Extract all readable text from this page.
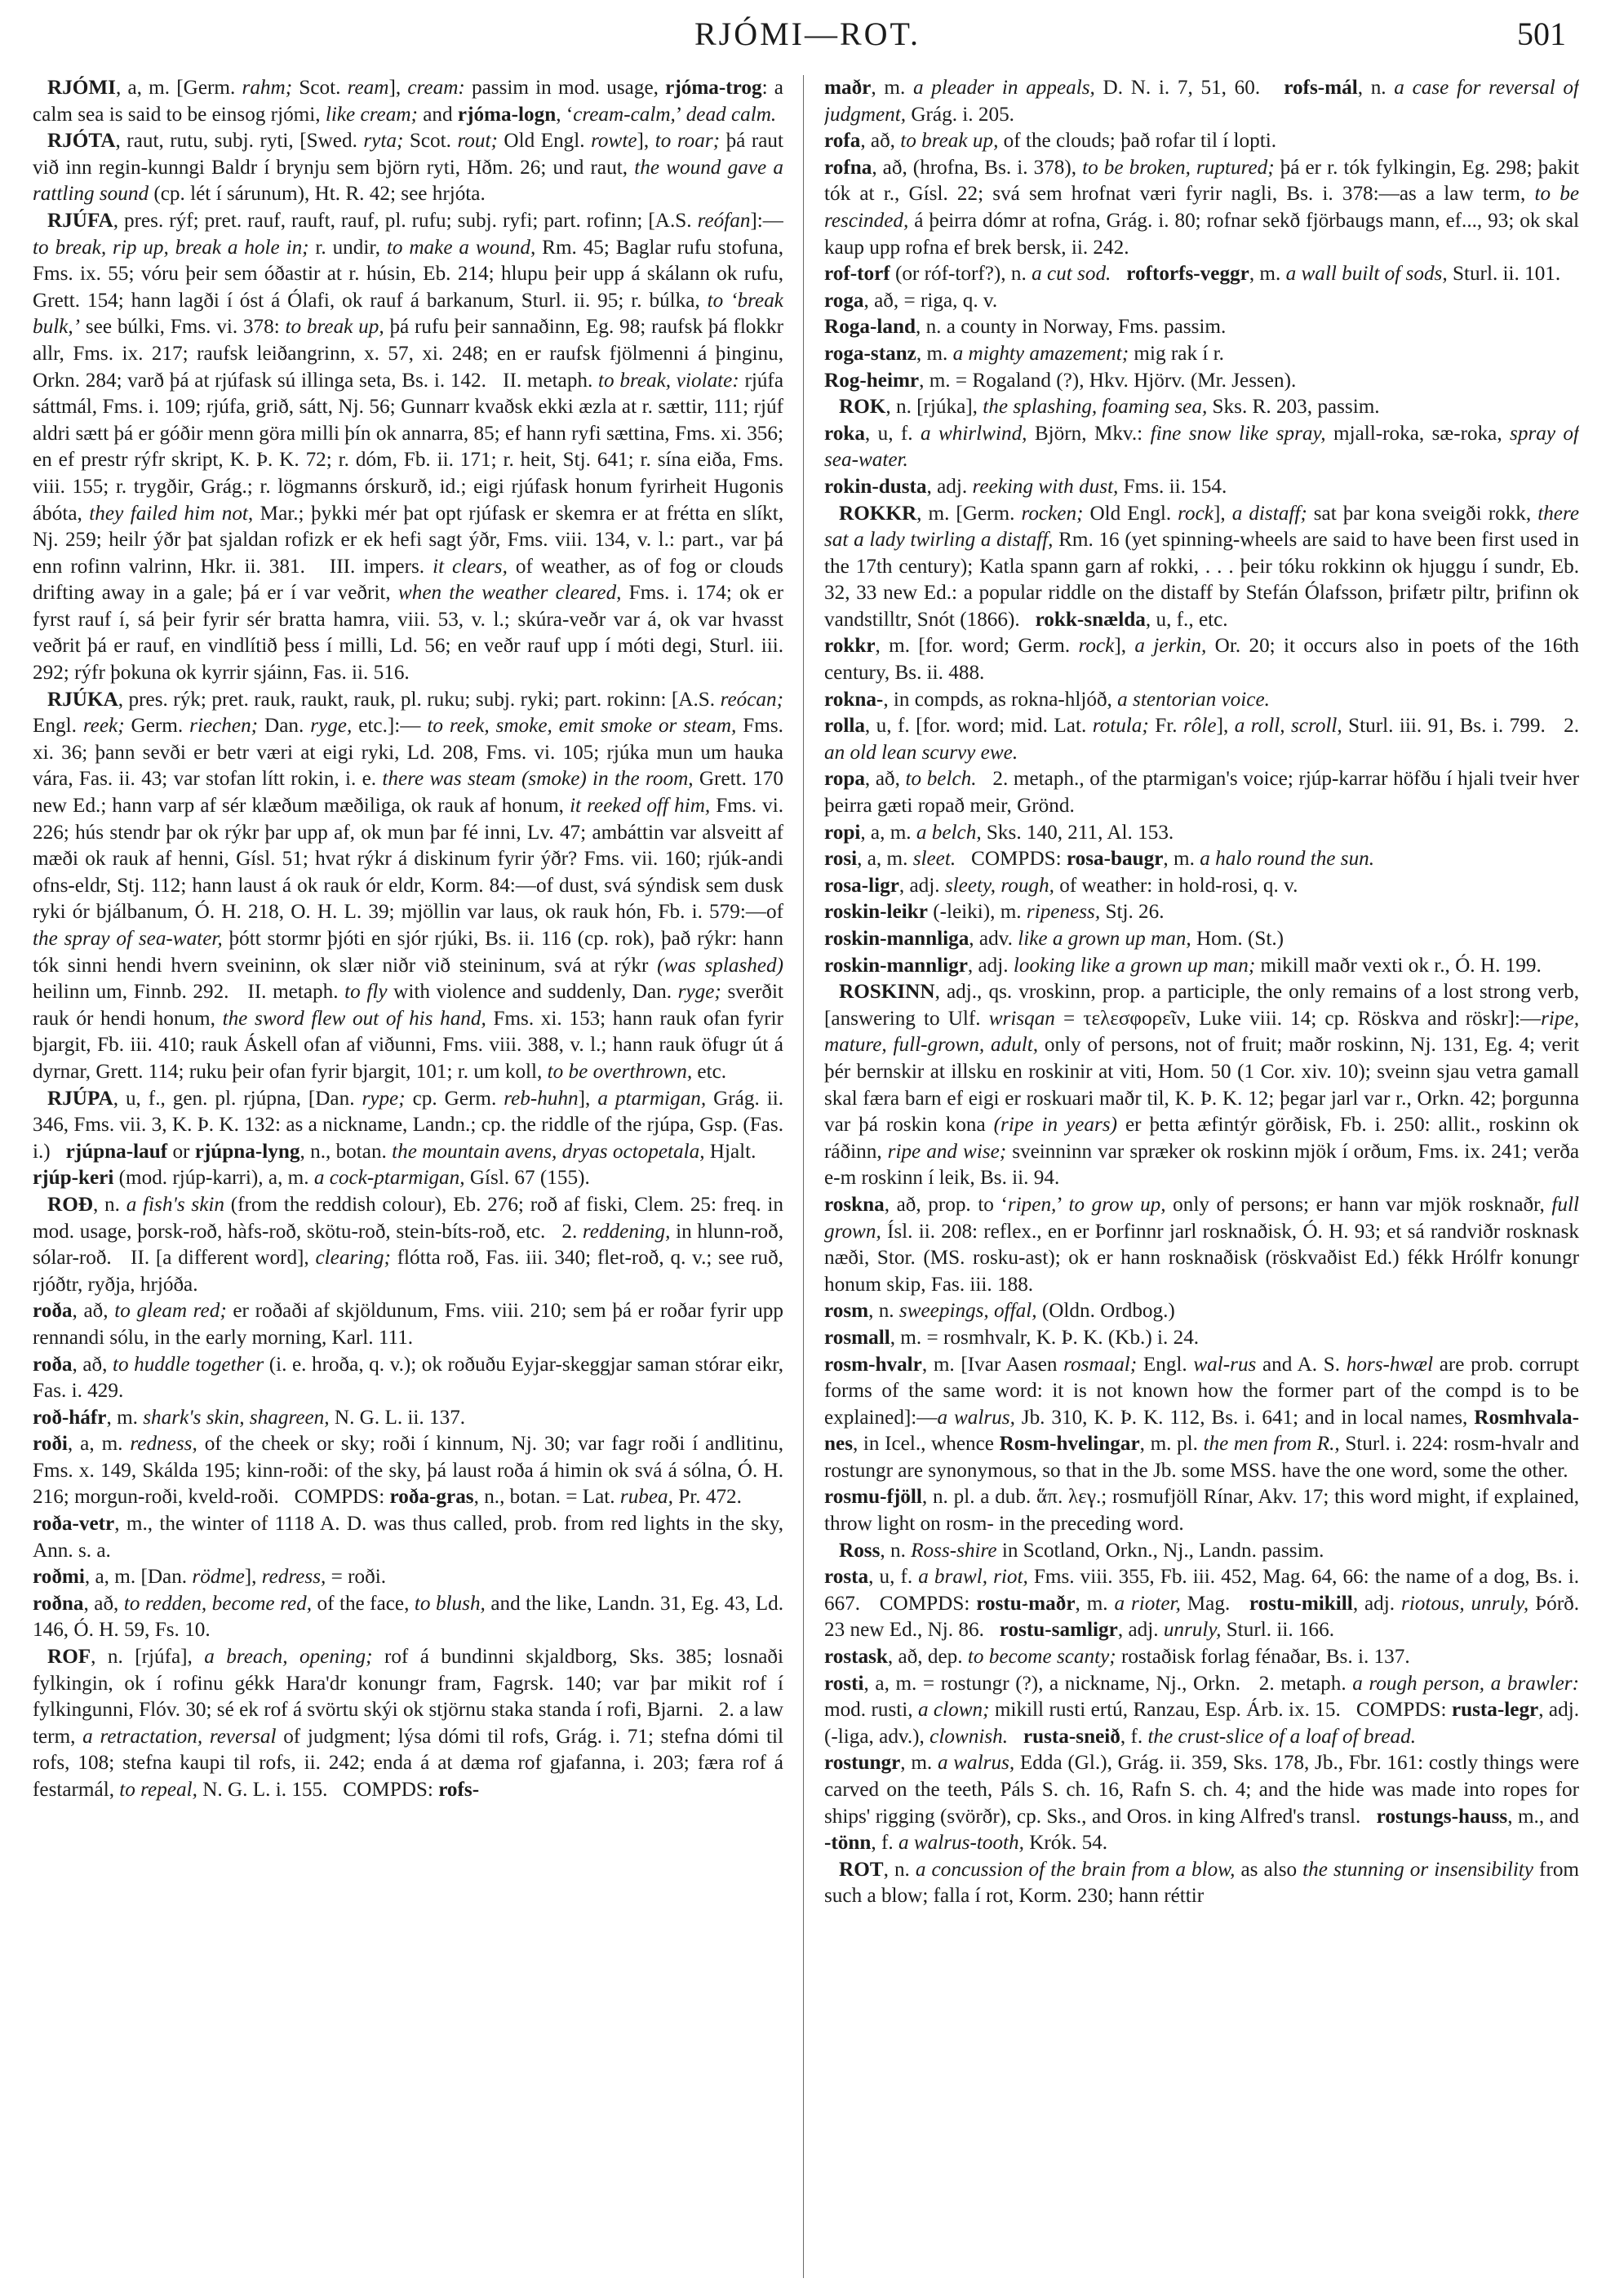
RJÓMI—ROT.	501

RJÓMI, a, m. [Germ. rahm; Scot. ream], cream: passim in mod. usage, rjóma-trog: a calm sea is said to be einsog rjómi, like cream; and rjóma-logn, ‘cream-calm,’ dead calm.

RJÓTA, raut, rutu, subj. ryti, [Swed. ryta; Scot. rout; Old Engl. rowte], to roar; þá raut við inn regin-kunngi Baldr í brynju sem björn ryti, Hðm. 26; und raut, the wound gave a rattling sound (cp. lét í sárunum), Ht. R. 42; see hrjóta.

RJÚFA, pres. rýf; pret. rauf, rauft, rauf, pl. rufu; subj. ryfi; part. rofinn; [A.S. reófan]:—to break, rip up, break a hole in; r. undir, to make a wound, Rm. 45; Baglar rufu stofuna, Fms. ix. 55; vóru þeir sem óðastir at r. húsin, Eb. 214; hlupu þeir upp á skálann ok rufu, Grett. 154; hann lagði í óst á Ólafi, ok rauf á barkanum, Sturl. ii. 95; r. búlka, to ‘break bulk,’ see búlki, Fms. vi. 378: to break up, þá rufu þeir sannaðinn, Eg. 98; raufsk þá flokkr allr, Fms. ix. 217; raufsk leiðangrinn, x. 57, xi. 248; en er raufsk fjölmenni á þinginu, Orkn. 284; varð þá at rjúfask sú illinga seta, Bs. i. 142.   II. metaph. to break, violate: rjúfa sáttmál, Fms. i. 109; rjúfa, grið, sátt, Nj. 56; Gunnarr kvaðsk ekki æzla at r. sættir, 111; rjúf aldri sætt þá er góðir menn göra milli þín ok annarra, 85; ef hann ryfi sættina, Fms. xi. 356; en ef prestr rýfr skript, K. Þ. K. 72; r. dóm, Fb. ii. 171; r. heit, Stj. 641; r. sína eiða, Fms. viii. 155; r. trygðir, Grág.; r. lögmanns órskurð, id.; eigi rjúfask honum fyrirheit Hugonis ábóta, they failed him not, Mar.; þykki mér þat opt rjúfask er skemra er at frétta en slíkt, Nj. 259; heilr ýðr þat sjaldan rofizk er ek hefi sagt ýðr, Fms. viii. 134, v. l.: part., var þá enn rofinn valrinn, Hkr. ii. 381.   III. impers. it clears, of weather, as of fog or clouds drifting away in a gale; þá er í var veðrit, when the weather cleared, Fms. i. 174; ok er fyrst rauf í, sá þeir fyrir sér bratta hamra, viii. 53, v. l.; skúra-veðr var á, ok var hvasst veðrit þá er rauf, en vindlítið þess í milli, Ld. 56; en veðr rauf upp í móti degi, Sturl. iii. 292; rýfr þokuna ok kyrrir sjáinn, Fas. ii. 516.

RJÚKA, pres. rýk; pret. rauk, raukt, rauk, pl. ruku; subj. ryki; part. rokinn: [A.S. reócan; Engl. reek; Germ. riechen; Dan. ryge, etc.]:— to reek, smoke, emit smoke or steam, Fms. xi. 36; þann sevði er betr væri at eigi ryki, Ld. 208, Fms. vi. 105; rjúka mun um hauka vára, Fas. ii. 43; var stofan lítt rokin, i. e. there was steam (smoke) in the room, Grett. 170 new Ed.; hann varp af sér klæðum mæðiliga, ok rauk af honum, it reeked off him, Fms. vi. 226; hús stendr þar ok rýkr þar upp af, ok mun þar fé inni, Lv. 47; ambáttin var alsveitt af mæði ok rauk af henni, Gísl. 51; hvat rýkr á diskinum fyrir ýðr? Fms. vii. 160; rjúk-andi ofns-eldr, Stj. 112; hann laust á ok rauk ór eldr, Korm. 84:—of dust, svá sýndisk sem dusk ryki ór bjálbanum, Ó. H. 218, O. H. L. 39; mjöllin var laus, ok rauk hón, Fb. i. 579:—of the spray of sea-water, þótt stormr þjóti en sjór rjúki, Bs. ii. 116 (cp. rok), það rýkr: hann tók sinni hendi hvern sveininn, ok slær niðr við steininum, svá at rýkr (was splashed) heilinn um, Finnb. 292.   II. metaph. to fly with violence and suddenly, Dan. ryge; sverðit rauk ór hendi honum, the sword flew out of his hand, Fms. xi. 153; hann rauk ofan fyrir bjargit, Fb. iii. 410; rauk Áskell ofan af viðunni, Fms. viii. 388, v. l.; hann rauk öfugr út á dyrnar, Grett. 114; ruku þeir ofan fyrir bjargit, 101; r. um koll, to be overthrown, etc.

RJÚPA, u, f., gen. pl. rjúpna, [Dan. rype; cp. Germ. reb-huhn], a ptarmigan, Grág. ii. 346, Fms. vii. 3, K. Þ. K. 132: as a nickname, Landn.; cp. the riddle of the rjúpa, Gsp. (Fas. i.)   rjúpna-lauf or rjúpna-lyng, n., botan. the mountain avens, dryas octopetala, Hjalt.

rjúp-keri (mod. rjúp-karri), a, m. a cock-ptarmigan, Gísl. 67 (155).

ROÐ, n. a fish's skin (from the reddish colour), Eb. 276; roð af fiski, Clem. 25: freq. in mod. usage, þorsk-roð, hàfs-roð, skötu-roð, stein-bíts-roð, etc.   2. reddening, in hlunn-roð, sólar-roð.   II. [a different word], clearing; flótta roð, Fas. iii. 340; flet-roð, q. v.; see ruð, rjóðtr, ryðja, hrjóða.

roða, að, to gleam red; er roðaði af skjöldunum, Fms. viii. 210; sem þá er roðar fyrir upp rennandi sólu, in the early morning, Karl. 111.

roða, að, to huddle together (i. e. hroða, q. v.); ok roðuðu Eyjar-skeggjar saman stórar eikr, Fas. i. 429.

roð-háfr, m. shark's skin, shagreen, N. G. L. ii. 137.

roði, a, m. redness, of the cheek or sky; roði í kinnum, Nj. 30; var fagr roði í andlitinu, Fms. x. 149, Skálda 195; kinn-roði: of the sky, þá laust roða á himin ok svá á sólna, Ó. H. 216; morgun-roði, kveld-roði.   COMPDS: roða-gras, n., botan. = Lat. rubea, Pr. 472.

roða-vetr, m., the winter of 1118 A. D. was thus called, prob. from red lights in the sky, Ann. s. a.

roðmi, a, m. [Dan. rödme], redress, = roði.

roðna, að, to redden, become red, of the face, to blush, and the like, Landn. 31, Eg. 43, Ld. 146, Ó. H. 59, Fs. 10.

ROF, n. [rjúfa], a breach, opening; rof á bundinni skjaldborg, Sks. 385; losnaði fylkingin, ok í rofinu gékk Hara'dr konungr fram, Fagrsk. 140; var þar mikit rof í fylkingunni, Flóv. 30; sé ek rof á svörtu skýi ok stjörnu staka standa í rofi, Bjarni.   2. a law term, a retractation, reversal of judgment; lýsa dómi til rofs, Grág. i. 71; stefna dómi til rofs, 108; stefna kaupi til rofs, ii. 242; enda á at dæma rof gjafanna, i. 203; færa rof á festarmál, to repeal, N. G. L. i. 155.   COMPDS: rofs-

maðr, m. a pleader in appeals, D. N. i. 7, 51, 60.   rofs-mál, n. a case for reversal of judgment, Grág. i. 205.

rofa, að, to break up, of the clouds; það rofar til í lopti.

rofna, að, (hrofna, Bs. i. 378), to be broken, ruptured; þá er r. tók fylkingin, Eg. 298; þakit tók at r., Gísl. 22; svá sem hrofnat væri fyrir nagli, Bs. i. 378:—as a law term, to be rescinded, á þeirra dómr at rofna, Grág. i. 80; rofnar sekð fjörbaugs mann, ef..., 93; ok skal kaup upp rofna ef brek bersk, ii. 242.

rof-torf (or róf-torf?), n. a cut sod. roftorfs-veggr, m. a wall built of sods, Sturl. ii. 101.

roga, að, = riga, q. v.

Roga-land, n. a county in Norway, Fms. passim.

roga-stanz, m. a mighty amazement; mig rak í r.

Rog-heimr, m. = Rogaland (?), Hkv. Hjörv. (Mr. Jessen).

ROK, n. [rjúka], the splashing, foaming sea, Sks. R. 203, passim.

roka, u, f. a whirlwind, Björn, Mkv.: fine snow like spray, mjall-roka, sæ-roka, spray of sea-water.

rokin-dusta, adj. reeking with dust, Fms. ii. 154.

ROKKR, m. [Germ. rocken; Old Engl. rock], a distaff; sat þar kona sveigði rokk, there sat a lady twirling a distaff, Rm. 16 (yet spinning-wheels are said to have been first used in the 17th century); Katla spann garn af rokki, . . . þeir tóku rokkinn ok hjuggu í sundr, Eb. 32, 33 new Ed.: a popular riddle on the distaff by Stefán Ólafsson, þrifætr piltr, þrifinn ok vandstilltr, Snót (1866).   rokk-snælda, u, f., etc.

rokkr, m. [for. word; Germ. rock], a jerkin, Or. 20; it occurs also in poets of the 16th century, Bs. ii. 488.

rokna-, in compds, as rokna-hljóð, a stentorian voice.

rolla, u, f. [for. word; mid. Lat. rotula; Fr. rôle], a roll, scroll, Sturl. iii. 91, Bs. i. 799.   2. an old lean scurvy ewe.

ropa, að, to belch.   2. metaph., of the ptarmigan's voice; rjúp-karrar höfðu í hjali tveir hver þeirra gæti ropað meir, Grönd.

ropi, a, m. a belch, Sks. 140, 211, Al. 153.

rosi, a, m. sleet.   COMPDS: rosa-baugr, m. a halo round the sun.

rosa-ligr, adj. sleety, rough, of weather: in hold-rosi, q. v.

roskin-leikr (-leiki), m. ripeness, Stj. 26.

roskin-mannliga, adv. like a grown up man, Hom. (St.)

roskin-mannligr, adj. looking like a grown up man; mikill maðr vexti ok r., Ó. H. 199.

ROSKINN, adj., qs. vroskinn, prop. a participle, the only remains of a lost strong verb, [answering to Ulf. wrisqan = τελεσφορεῖν, Luke viii. 14; cp. Röskva and röskr]:—ripe, mature, full-grown, adult, only of persons, not of fruit; maðr roskinn, Nj. 131, Eg. 4; verit þér bernskir at illsku en roskinir at viti, Hom. 50 (1 Cor. xiv. 10); sveinn sjau vetra gamall skal færa barn ef eigi er roskuari maðr til, K. Þ. K. 12; þegar jarl var r., Orkn. 42; þorgunna var þá roskin kona (ripe in years) er þetta æfintýr görðisk, Fb. i. 250: allit., roskinn ok ráðinn, ripe and wise; sveinninn var spræker ok roskinn mjök í orðum, Fms. ix. 241; verða e-m roskinn í leik, Bs. ii. 94.

roskna, að, prop. to ‘ripen,’ to grow up, only of persons; er hann var mjök rosknaðr, full grown, Ísl. ii. 208: reflex., en er Þorfinnr jarl rosknaðisk, Ó. H. 93; et sá randviðr rosknask næði, Stor. (MS. rosku-ast); ok er hann rosknaðisk (röskvaðist Ed.) fékk Hrólfr konungr honum skip, Fas. iii. 188.

rosm, n. sweepings, offal, (Oldn. Ordbog.)

rosmall, m. = rosmhvalr, K. Þ. K. (Kb.) i. 24.

rosm-hvalr, m. [Ivar Aasen rosmaal; Engl. wal-rus and A. S. hors-hwæl are prob. corrupt forms of the same word: it is not known how the former part of the compd is to be explained]:—a walrus, Jb. 310, K. Þ. K. 112, Bs. i. 641; and in local names, Rosmhvala-nes, in Icel., whence Rosm-hvelingar, m. pl. the men from R., Sturl. i. 224: rosm-hvalr and rostungr are synonymous, so that in the Jb. some MSS. have the one word, some the other.

rosmu-fjöll, n. pl. a dub. ἅπ. λεγ.; rosmufjöll Rínar, Akv. 17; this word might, if explained, throw light on rosm- in the preceding word.

Ross, n. Ross-shire in Scotland, Orkn., Nj., Landn. passim.

rosta, u, f. a brawl, riot, Fms. viii. 355, Fb. iii. 452, Mag. 64, 66: the name of a dog, Bs. i. 667.   COMPDS: rostu-maðr, m. a rioter, Mag.   rostu-mikill, adj. riotous, unruly, Þórð. 23 new Ed., Nj. 86.   rostu-samligr, adj. unruly, Sturl. ii. 166.

rostask, að, dep. to become scanty; rostaðisk forlag fénaðar, Bs. i. 137.

rosti, a, m. = rostungr (?), a nickname, Nj., Orkn.   2. metaph. a rough person, a brawler: mod. rusti, a clown; mikill rusti ertú, Ranzau, Esp. Árb. ix. 15.   COMPDS: rusta-legr, adj. (-liga, adv.), clownish. rusta-sneið, f. the crust-slice of a loaf of bread.

rostungr, m. a walrus, Edda (Gl.), Grág. ii. 359, Sks. 178, Jb., Fbr. 161: costly things were carved on the teeth, Páls S. ch. 16, Rafn S. ch. 4; and the hide was made into ropes for ships' rigging (svörðr), cp. Sks., and Oros. in king Alfred's transl.   rostungs-hauss, m., and -tönn, f. a walrus-tooth, Krók. 54.

ROT, n. a concussion of the brain from a blow, as also the stunning or insensibility from such a blow; falla í rot, Korm. 230; hann réttir
